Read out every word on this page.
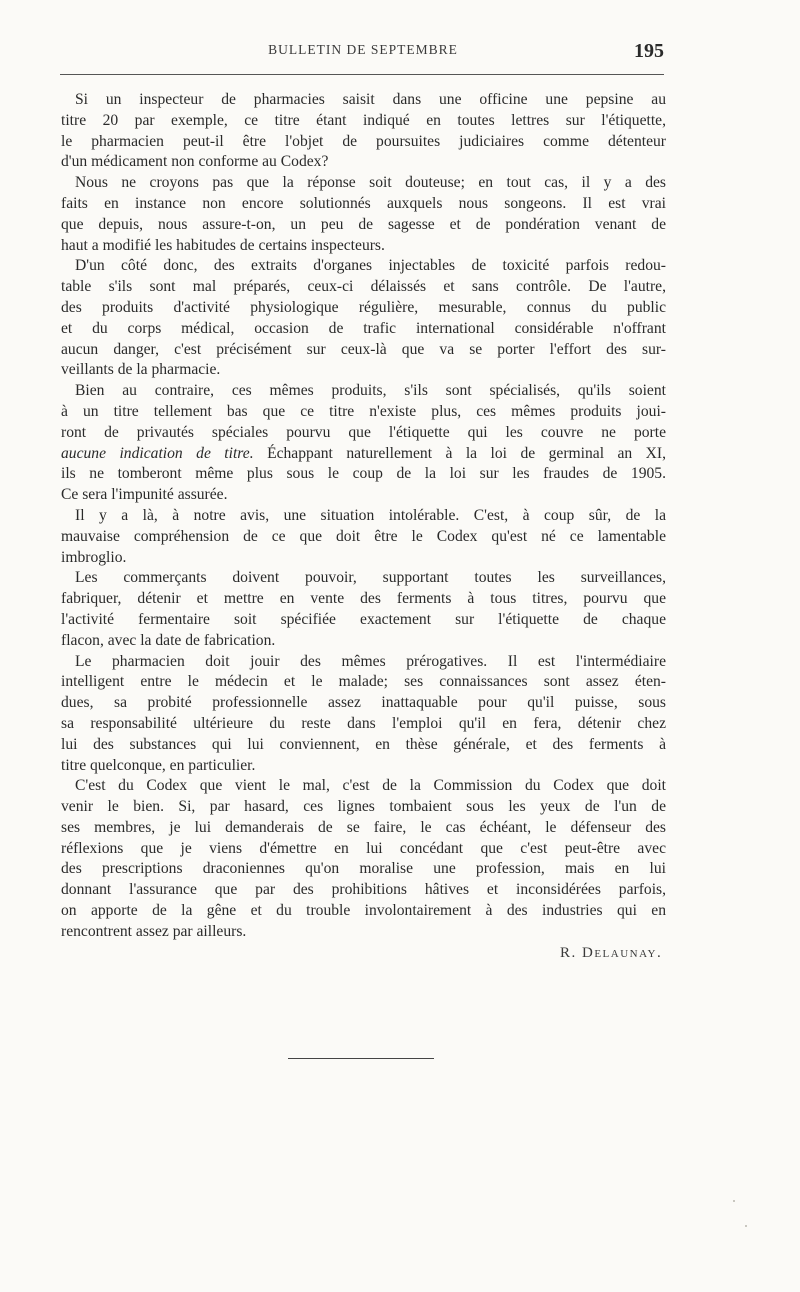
BULLETIN DE SEPTEMBRE	195
Si un inspecteur de pharmacies saisit dans une officine une pepsine au
titre 20 par exemple, ce titre étant indiqué en toutes lettres sur l'étiquette,
le pharmacien peut-il être l'objet de poursuites judiciaires comme détenteur
d'un médicament non conforme au Codex?
Nous ne croyons pas que la réponse soit douteuse; en tout cas, il y a des
faits en instance non encore solutionnés auxquels nous songeons. Il est vrai
que depuis, nous assure-t-on, un peu de sagesse et de pondération venant de
haut a modifié les habitudes de certains inspecteurs.
D'un côté donc, des extraits d'organes injectables de toxicité parfois redou-
table s'ils sont mal préparés, ceux-ci délaissés et sans contrôle. De l'autre,
des produits d'activité physiologique régulière, mesurable, connus du public
et du corps médical, occasion de trafic international considérable n'offrant
aucun danger, c'est précisément sur ceux-là que va se porter l'effort des sur-
veillants de la pharmacie.
Bien au contraire, ces mêmes produits, s'ils sont spécialisés, qu'ils soient
à un titre tellement bas que ce titre n'existe plus, ces mêmes produits joui-
ront de privautés spéciales pourvu que l'étiquette qui les couvre ne porte
aucune indication de titre. Échappant naturellement à la loi de germinal an XI,
ils ne tomberont même plus sous le coup de la loi sur les fraudes de 1905.
Ce sera l'impunité assurée.
Il y a là, à notre avis, une situation intolérable. C'est, à coup sûr, de la
mauvaise compréhension de ce que doit être le Codex qu'est né ce lamentable
imbroglio.
Les commerçants doivent pouvoir, supportant toutes les surveillances,
fabriquer, détenir et mettre en vente des ferments à tous titres, pourvu que
l'activité fermentaire soit spécifiée exactement sur l'étiquette de chaque
flacon, avec la date de fabrication.
Le pharmacien doit jouir des mêmes prérogatives. Il est l'intermédiaire
intelligent entre le médecin et le malade; ses connaissances sont assez éten-
dues, sa probité professionnelle assez inattaquable pour qu'il puisse, sous
sa responsabilité ultérieure du reste dans l'emploi qu'il en fera, détenir chez
lui des substances qui lui conviennent, en thèse générale, et des ferments à
titre quelconque, en particulier.
C'est du Codex que vient le mal, c'est de la Commission du Codex que doit
venir le bien. Si, par hasard, ces lignes tombaient sous les yeux de l'un de
ses membres, je lui demanderais de se faire, le cas échéant, le défenseur des
réflexions que je viens d'émettre en lui concédant que c'est peut-être avec
des prescriptions draconiennes qu'on moralise une profession, mais en lui
donnant l'assurance que par des prohibitions hâtives et inconsidérées parfois,
on apporte de la gêne et du trouble involontairement à des industries qui en
rencontrent assez par ailleurs.
R. Delaunay.
